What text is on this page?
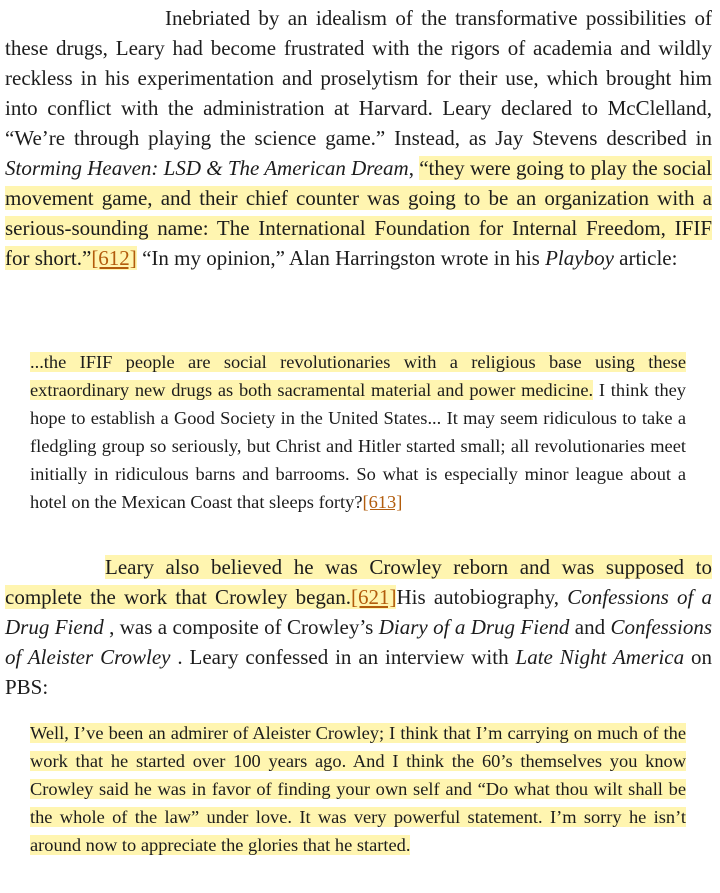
Inebriated by an idealism of the transformative possibilities of these drugs, Leary had become frustrated with the rigors of academia and wildly reckless in his experimentation and proselytism for their use, which brought him into conflict with the administration at Harvard. Leary declared to McClelland, “We’re through playing the science game.” Instead, as Jay Stevens described in Storming Heaven: LSD & The American Dream, “they were going to play the social movement game, and their chief counter was going to be an organization with a serious-sounding name: The International Foundation for Internal Freedom, IFIF for short.”[612] “In my opinion,” Alan Harringston wrote in his Playboy article:

...the IFIF people are social revolutionaries with a religious base using these extraordinary new drugs as both sacramental material and power medicine. I think they hope to establish a Good Society in the United States... It may seem ridiculous to take a fledgling group so seriously, but Christ and Hitler started small; all revolutionaries meet initially in ridiculous barns and barrooms. So what is especially minor league about a hotel on the Mexican Coast that sleeps forty?[613]

Leary also believed he was Crowley reborn and was supposed to complete the work that Crowley began.[621]His autobiography, Confessions of a Drug Fiend , was a composite of Crowley’s Diary of a Drug Fiend and Confessions of Aleister Crowley . Leary confessed in an interview with Late Night America on PBS:

Well, I’ve been an admirer of Aleister Crowley; I think that I’m carrying on much of the work that he started over 100 years ago. And I think the 60’s themselves you know Crowley said he was in favor of finding your own self and “Do what thou wilt shall be the whole of the law” under love. It was very powerful statement. I’m sorry he isn’t around now to appreciate the glories that he started.
